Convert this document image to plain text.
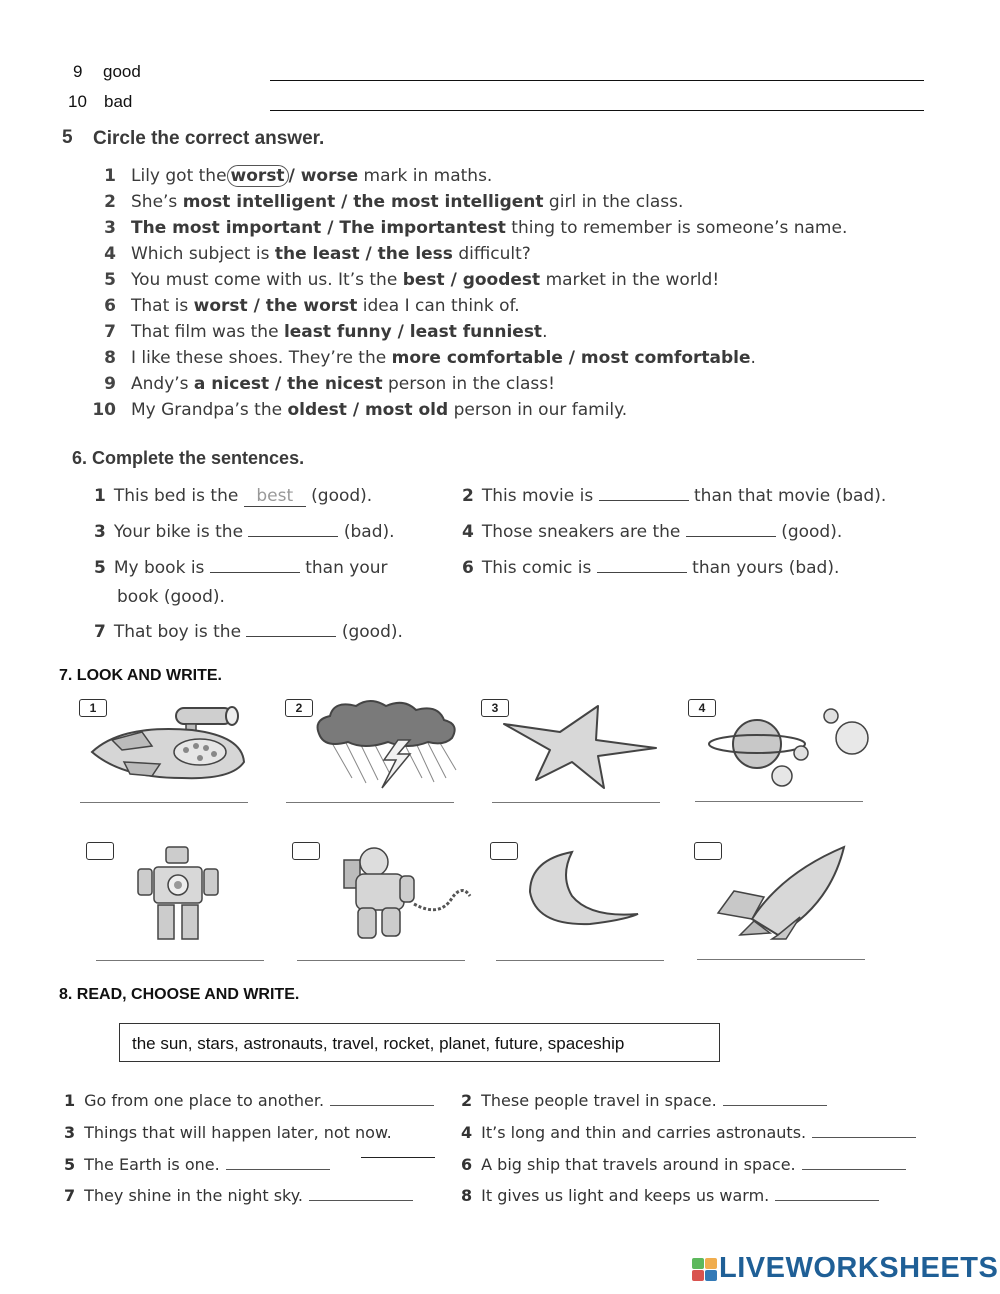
9 good
10 bad
5 Circle the correct answer.
1 Lily got the worst / worse mark in maths.
2 She’s most intelligent / the most intelligent girl in the class.
3 The most important / The importantest thing to remember is someone’s name.
4 Which subject is the least / the less difficult?
5 You must come with us. It’s the best / goodest market in the world!
6 That is worst / the worst idea I can think of.
7 That film was the least funny / least funniest.
8 I like these shoes. They’re the more comfortable / most comfortable.
9 Andy’s a nicest / the nicest person in the class!
10 My Grandpa’s the oldest / most old person in our family.
6. Complete the sentences.
1 This bed is the best (good).	2 This movie is	than that movie (bad).
3 Your bike is the	(bad).	4 Those sneakers are the	(good).
5 My book is	than your
book (good).
6 This comic is	than yours (bad).
7 That boy is the	(good).
7. LOOK AND WRITE.
1	2	3	4
8. READ, CHOOSE AND WRITE.
the sun, stars, astronauts, travel, rocket, planet, future, spaceship
1 Go from one place to another.	2 These people travel in space.
3 Things that will happen later, not now.	4 It’s long and thin and carries astronauts.
5 The Earth is one.	6 A big ship that travels around in space.
7 They shine in the night sky.	8 It gives us light and keeps us warm.
LIVEWORKSHEETS
